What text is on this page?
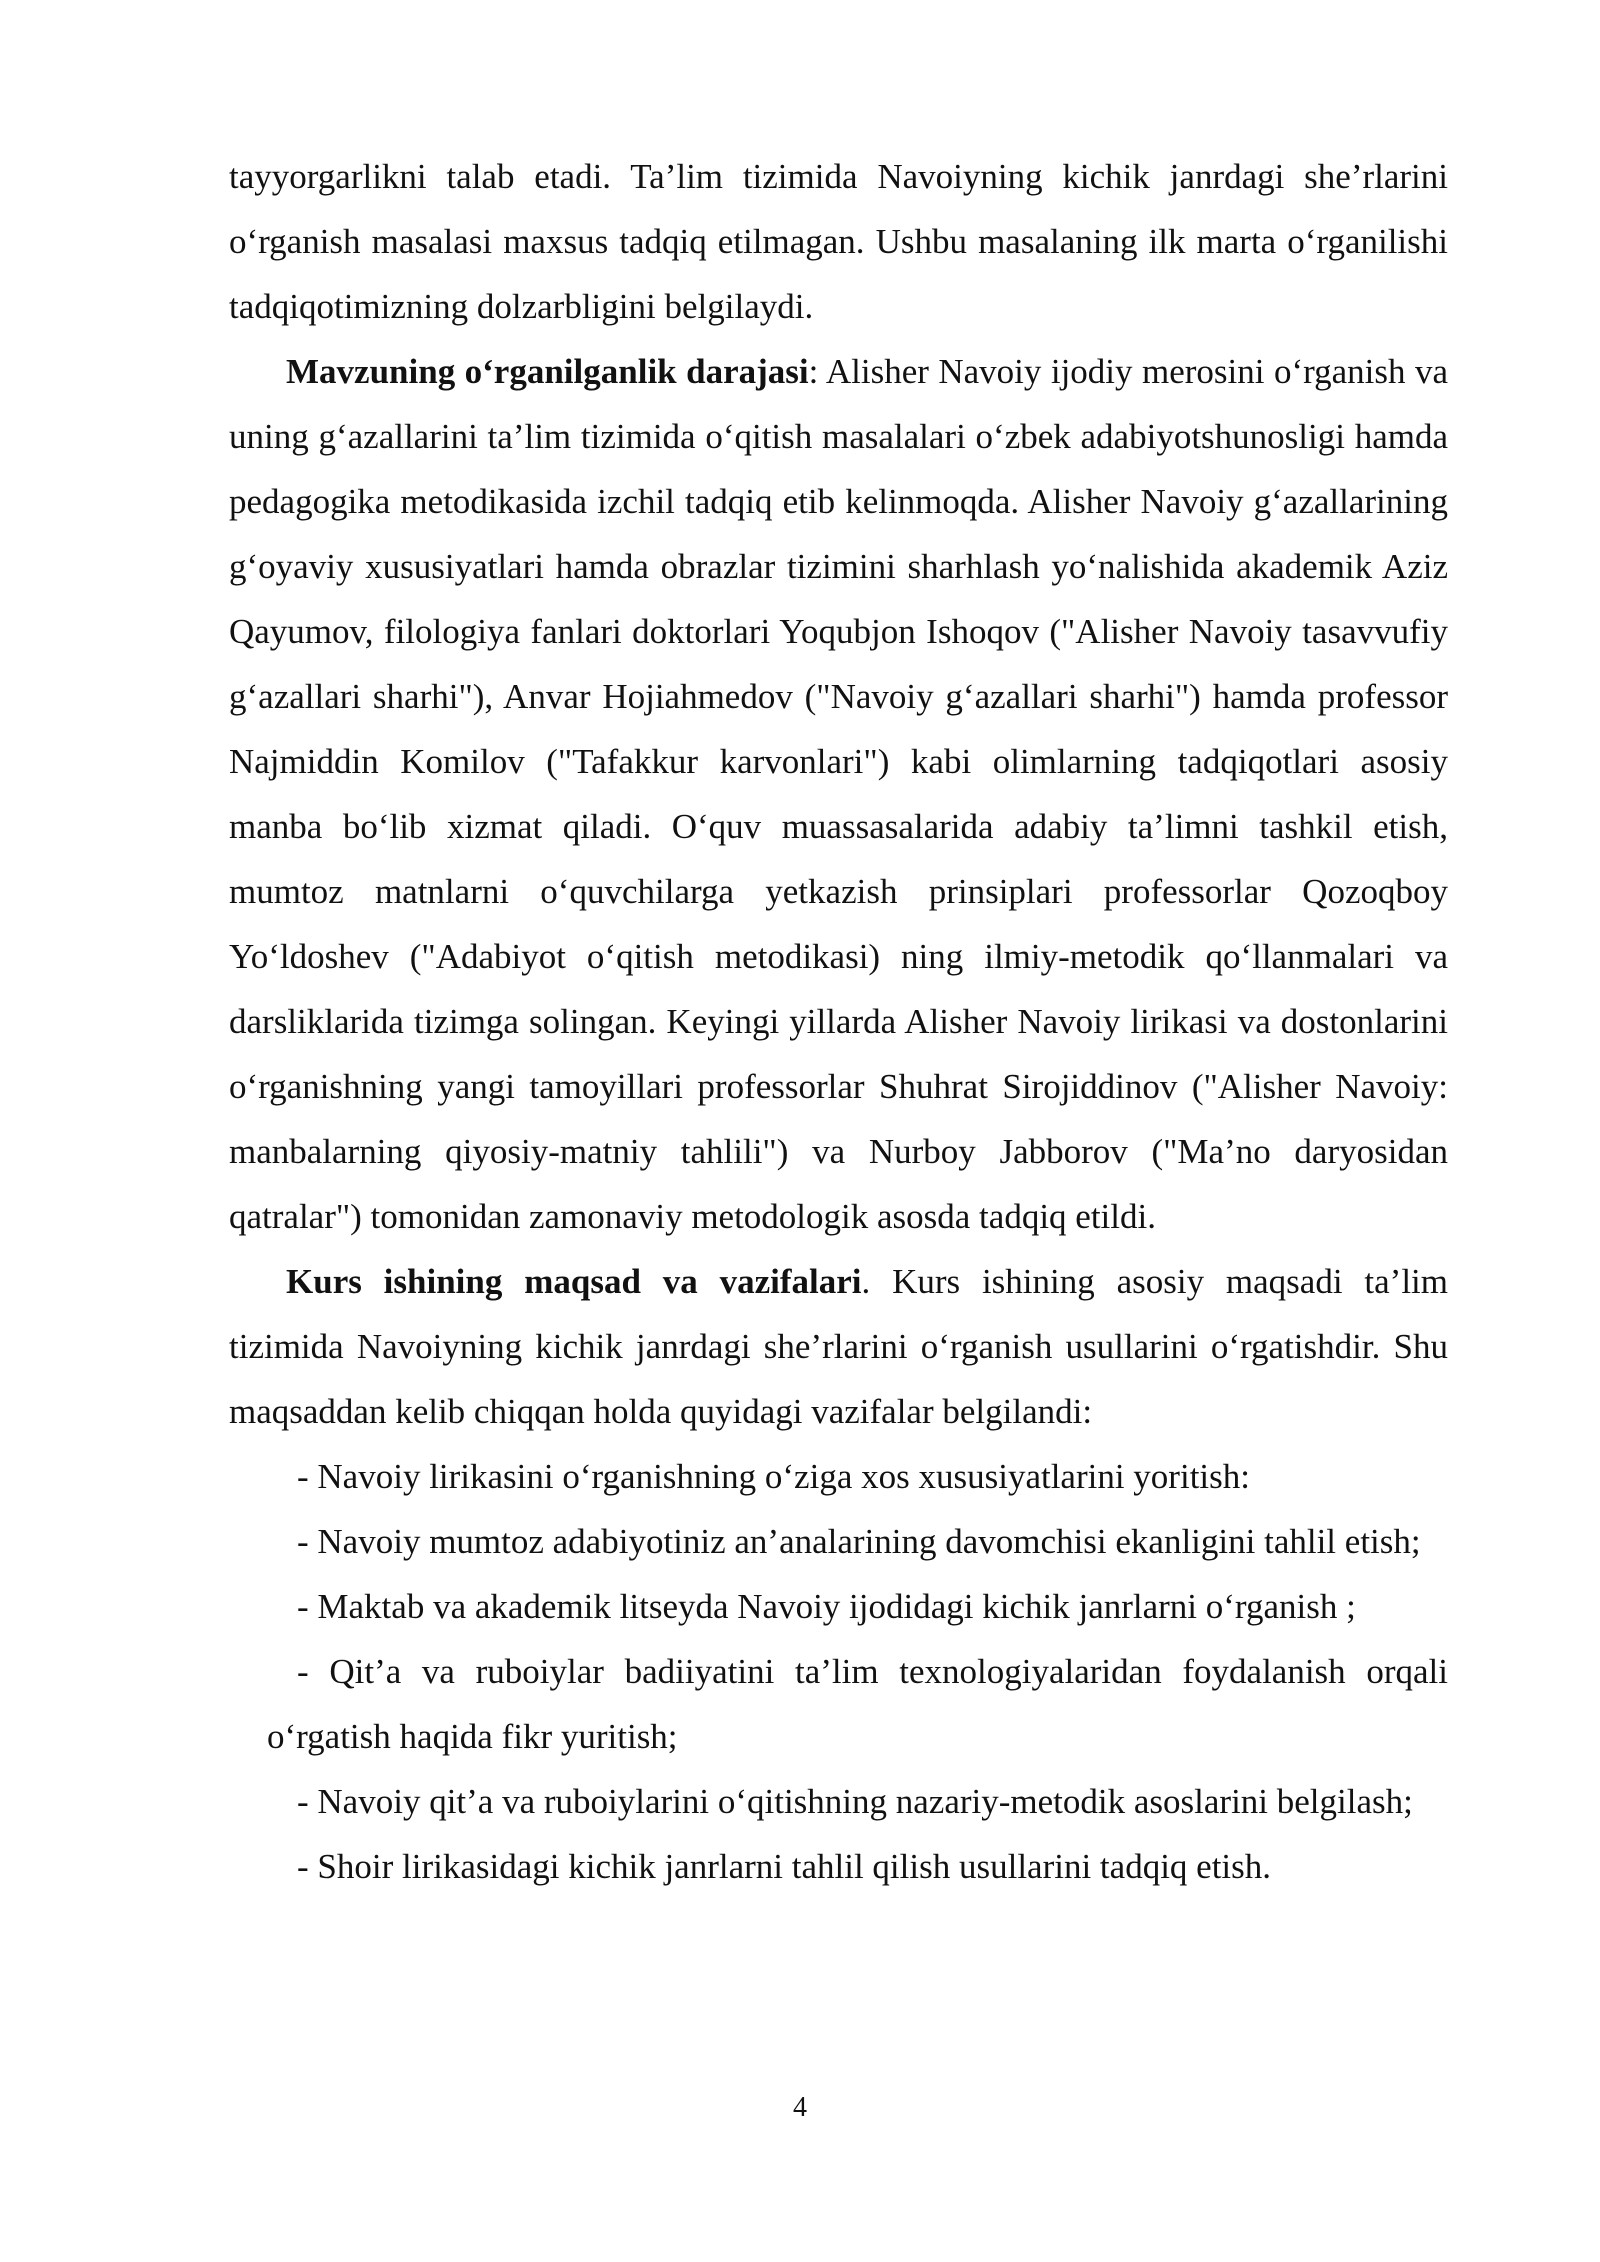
tayyorgarlikni talab etadi. Ta’lim tizimida Navoiyning kichik janrdagi she’rlarini o‘rganish masalasi maxsus tadqiq etilmagan. Ushbu masalaning ilk marta o‘rganilishi tadqiqotimizning dolzarbligini belgilaydi.

Mavzuning o‘rganilganlik darajasi: Alisher Navoiy ijodiy merosini o‘rganish va uning g‘azallarini ta’lim tizimida o‘qitish masalalari o‘zbek adabiyotshunosligi hamda pedagogika metodikasida izchil tadqiq etib kelinmoqda. Alisher Navoiy g‘azallarining g‘oyaviy xususiyatlari hamda obrazlar tizimini sharhlash yo‘nalishida akademik Aziz Qayumov, filologiya fanlari doktorlari Yoqubjon Ishoqov ("Alisher Navoiy tasavvufiy g‘azallari sharhi"), Anvar Hojiahmedov ("Navoiy g‘azallari sharhi") hamda professor Najmiddin Komilov ("Tafakkur karvonlari") kabi olimlarning tadqiqotlari asosiy manba bo‘lib xizmat qiladi. O‘quv muassasalarida adabiy ta’limni tashkil etish, mumtoz matnlarni o‘quvchilarga yetkazish prinsiplari professorlar Qozoqboy Yo‘ldoshev ("Adabiyot o‘qitish metodikasi) ning ilmiy-metodik qo‘llanmalari va darsliklarida tizimga solingan. Keyingi yillarda Alisher Navoiy lirikasi va dostonlarini o‘rganishning yangi tamoyillari professorlar Shuhrat Sirojiddinov ("Alisher Navoiy: manbalarning qiyosiy-matniy tahlili") va Nurboy Jabborov ("Ma’no daryosidan qatralar") tomonidan zamonaviy metodologik asosda tadqiq etildi.

Kurs ishining maqsad va vazifalari. Kurs ishining asosiy maqsadi ta’lim tizimida Navoiyning kichik janrdagi she’rlarini o‘rganish usullarini o‘rgatishdir. Shu maqsaddan kelib chiqqan holda quyidagi vazifalar belgilandi:

- Navoiy lirikasini o‘rganishning o‘ziga xos xususiyatlarini yoritish:

- Navoiy mumtoz adabiyotiniz an’analarining davomchisi ekanligini tahlil etish;

- Maktab va akademik litseyda Navoiy ijodidagi kichik janrlarni o‘rganish ;

- Qit’a va ruboiylar badiiyatini ta’lim texnologiyalaridan foydalanish orqali o‘rgatish haqida fikr yuritish;

- Navoiy qit’a va ruboiylarini o‘qitishning nazariy-metodik asoslarini belgilash;

- Shoir lirikasidagi kichik janrlarni tahlil qilish usullarini tadqiq etish.

4
